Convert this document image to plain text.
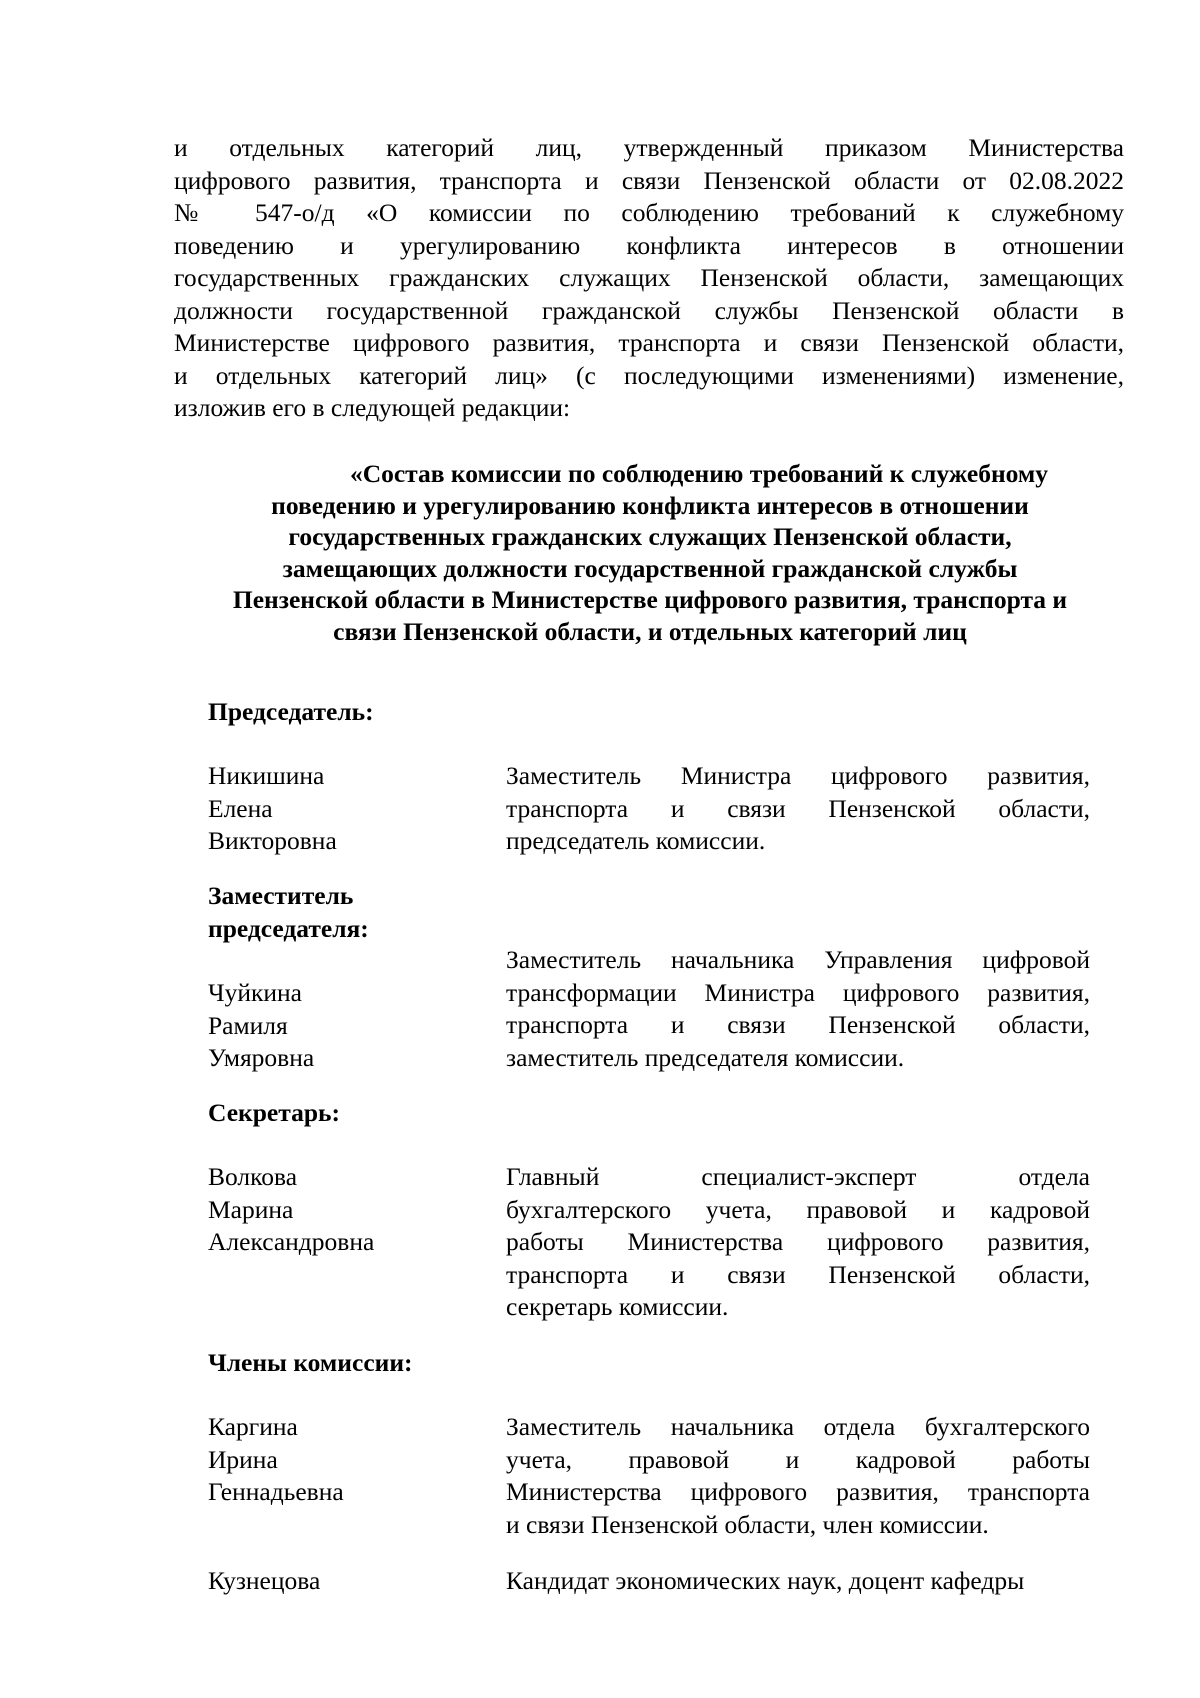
и отдельных категорий лиц, утвержденный приказом Министерства
цифрового развития, транспорта и связи Пензенской области от 02.08.2022
№ 547-о/д «О комиссии по соблюдению требований к служебному
поведению и урегулированию конфликта интересов в отношении
государственных гражданских служащих Пензенской области, замещающих
должности государственной гражданской службы Пензенской области в
Министерстве цифрового развития, транспорта и связи Пензенской области,
и отдельных категорий лиц» (с последующими изменениями) изменение,
изложив его в следующей редакции:
«Состав комиссии по соблюдению требований к служебному
поведению и урегулированию конфликта интересов в отношении
государственных гражданских служащих Пензенской области,
замещающих должности государственной гражданской службы
Пензенской области в Министерстве цифрового развития, транспорта и
связи Пензенской области, и отдельных категорий лиц
Председатель:
Никишина
Елена
Викторовна
Заместитель Министра цифрового развития,
транспорта и связи Пензенской области,
председатель комиссии.
Заместитель
председателя:
Чуйкина
Рамиля
Умяровна
Заместитель начальника Управления цифровой
трансформации Министра цифрового развития,
транспорта и связи Пензенской области,
заместитель председателя комиссии.
Секретарь:
Волкова
Марина
Александровна
Главный специалист-эксперт отдела
бухгалтерского учета, правовой и кадровой
работы Министерства цифрового развития,
транспорта и связи Пензенской области,
секретарь комиссии.
Члены комиссии:
Каргина
Ирина
Геннадьевна
Заместитель начальника отдела бухгалтерского
учета, правовой и кадровой работы
Министерства цифрового развития, транспорта
и связи Пензенской области, член комиссии.
Кузнецова	Кандидат экономических наук, доцент кафедры
